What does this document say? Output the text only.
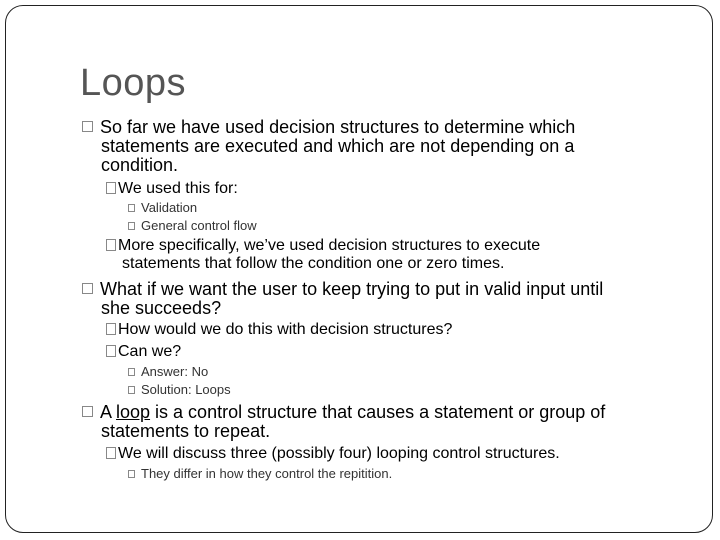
Loops
So far we have used decision structures to determine which
statements are executed and which are not depending on a
condition.
We used this for:
Validation
General control flow
More specifically, we’ve used decision structures to execute
statements that follow the condition one or zero times.
What if we want the user to keep trying to put in valid input until
she succeeds?
How would we do this with decision structures?
Can we?
Answer: No
Solution: Loops
A loop is a control structure that causes a statement or group of
statements to repeat.
We will discuss three (possibly four) looping control structures.
They differ in how they control the repitition.
